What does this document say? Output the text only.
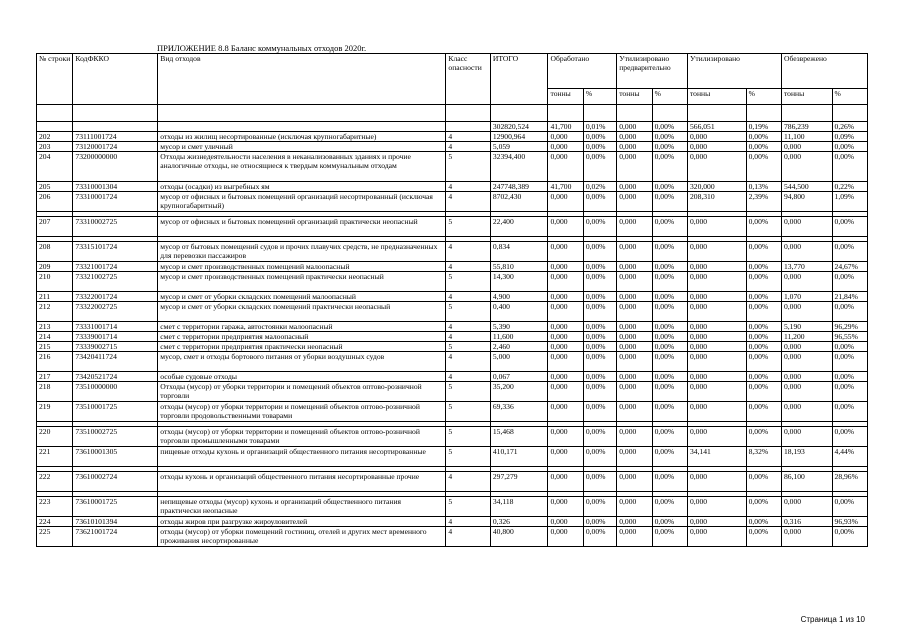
ПРИЛОЖЕНИЕ 8.8 Баланс коммунальных отходов 2020г.
№ строки	КодФККО	Вид отходов	Класс опасности	ИТОГО	Обработано		Утилизировано предварительно		Утилизировано		Обезврежено	
					тонны	%	тонны	%	тонны	%	тонны	%

				302820,524	41,700	0,01%	0,000	0,00%	566,051	0,19%	786,239	0,26%
202	73111001724	отходы из жилищ несортированные (исключая крупногабаритные)	4	12900,964	0,000	0,00%	0,000	0,00%	0,000	0,00%	11,100	0,09%
203	73120001724	мусор и смет уличный	4	5,059	0,000	0,00%	0,000	0,00%	0,000	0,00%	0,000	0,00%
204	73200000000	Отходы жизнедеятельности населения в неканализованных зданиях и прочие аналогичные отходы, не относящиеся к твердым коммунальным отходам	5	32394,400	0,000	0,00%	0,000	0,00%	0,000	0,00%	0,000	0,00%
205	73310001304	отходы (осадки) из выгребных ям	4	247748,389	41,700	0,02%	0,000	0,00%	320,000	0,13%	544,500	0,22%
206	73310001724	мусор от офисных и бытовых помещений организаций несортированный (исключая крупногабаритный)	4	8702,430	0,000	0,00%	0,000	0,00%	208,310	2,39%	94,800	1,09%

207	73310002725	мусор от офисных и бытовых помещений организаций практически неопасный	5	22,400	0,000	0,00%	0,000	0,00%	0,000	0,00%	0,000	0,00%

208	73315101724	мусор от бытовых помещений судов и прочих плавучих средств, не предназначенных для перевозки пассажиров	4	0,834	0,000	0,00%	0,000	0,00%	0,000	0,00%	0,000	0,00%
209	73321001724	мусор и смет производственных помещений малоопасный	4	55,810	0,000	0,00%	0,000	0,00%	0,000	0,00%	13,770	24,67%
210	73321002725	мусор и смет производственных помещений практически неопасный	5	14,300	0,000	0,00%	0,000	0,00%	0,000	0,00%	0,000	0,00%
211	73322001724	мусор и смет от уборки складских помещений малоопасный	4	4,900	0,000	0,00%	0,000	0,00%	0,000	0,00%	1,070	21,84%
212	73322002725	мусор и смет от уборки складских помещений практически неопасный	5	0,400	0,000	0,00%	0,000	0,00%	0,000	0,00%	0,000	0,00%
213	73331001714	смет с территории гаража, автостоянки малоопасный	4	5,390	0,000	0,00%	0,000	0,00%	0,000	0,00%	5,190	96,29%
214	73339001714	смет с территории предприятия малоопасный	4	11,600	0,000	0,00%	0,000	0,00%	0,000	0,00%	11,200	96,55%
215	73339002715	смет с территории предприятия практически неопасный	5	2,460	0,000	0,00%	0,000	0,00%	0,000	0,00%	0,000	0,00%
216	73420411724	мусор, смет и отходы бортового питания от уборки воздушных судов	4	5,000	0,000	0,00%	0,000	0,00%	0,000	0,00%	0,000	0,00%
217	73420521724	особые судовые отходы	4	0,067	0,000	0,00%	0,000	0,00%	0,000	0,00%	0,000	0,00%
218	73510000000	Отходы (мусор) от уборки территории и помещений объектов оптово-розничной торговли	5	35,200	0,000	0,00%	0,000	0,00%	0,000	0,00%	0,000	0,00%
219	73510001725	отходы (мусор) от уборки территории и помещений объектов оптово-розничной торговли продовольственными товарами	5	69,336	0,000	0,00%	0,000	0,00%	0,000	0,00%	0,000	0,00%

220	73510002725	отходы (мусор) от уборки территории и помещений объектов оптово-розничной торговли промышленными товарами	5	15,468	0,000	0,00%	0,000	0,00%	0,000	0,00%	0,000	0,00%
221	73610001305	пищевые отходы кухонь и организаций общественного питания несортированные	5	410,171	0,000	0,00%	0,000	0,00%	34,141	8,32%	18,193	4,44%

222	73610002724	отходы кухонь и организаций общественного питания несортированные прочие	4	297,279	0,000	0,00%	0,000	0,00%	0,000	0,00%	86,100	28,96%

223	73610001725	непищевые отходы (мусор) кухонь и организаций общественного питания практически неопасные	5	34,118	0,000	0,00%	0,000	0,00%	0,000	0,00%	0,000	0,00%
224	73610101394	отходы жиров при разгрузке жироуловителей	4	0,326	0,000	0,00%	0,000	0,00%	0,000	0,00%	0,316	96,93%
225	73621001724	отходы (мусор) от уборки помещений гостиниц, отелей и других мест временного проживания несортированные	4	40,800	0,000	0,00%	0,000	0,00%	0,000	0,00%	0,000	0,00%
Страница 1 из 10
